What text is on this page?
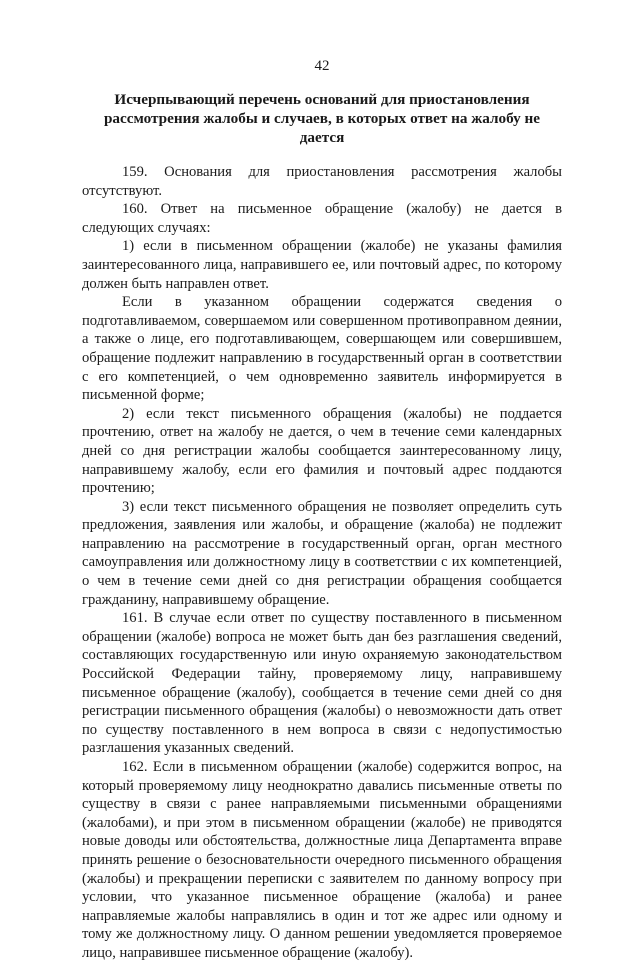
42
Исчерпывающий перечень оснований для приостановления рассмотрения жалобы и случаев, в которых ответ на жалобу не дается

159. Основания для приостановления рассмотрения жалобы отсутствуют.

160. Ответ на письменное обращение (жалобу) не дается в следующих случаях:

1) если в письменном обращении (жалобе) не указаны фамилия заинтересованного лица, направившего ее, или почтовый адрес, по которому должен быть направлен ответ.

Если в указанном обращении содержатся сведения о подготавливаемом, совершаемом или совершенном противоправном деянии, а также о лице, его подготавливающем, совершающем или совершившем, обращение подлежит направлению в государственный орган в соответствии с его компетенцией, о чем одновременно заявитель информируется в письменной форме;

2) если текст письменного обращения (жалобы) не поддается прочтению, ответ на жалобу не дается, о чем в течение семи календарных дней со дня регистрации жалобы сообщается заинтересованному лицу, направившему жалобу, если его фамилия и почтовый адрес поддаются прочтению;

3) если текст письменного обращения не позволяет определить суть предложения, заявления или жалобы, и обращение (жалоба) не подлежит направлению на рассмотрение в государственный орган, орган местного самоуправления или должностному лицу в соответствии с их компетенцией, о чем в течение семи дней со дня регистрации обращения сообщается гражданину, направившему обращение.

161. В случае если ответ по существу поставленного в письменном обращении (жалобе) вопроса не может быть дан без разглашения сведений, составляющих государственную или иную охраняемую законодательством Российской Федерации тайну, проверяемому лицу, направившему письменное обращение (жалобу), сообщается в течение семи дней со дня регистрации письменного обращения (жалобы) о невозможности дать ответ по существу поставленного в нем вопроса в связи с недопустимостью разглашения указанных сведений.

162. Если в письменном обращении (жалобе) содержится вопрос, на который проверяемому лицу неоднократно давались письменные ответы по существу в связи с ранее направляемыми письменными обращениями (жалобами), и при этом в письменном обращении (жалобе) не приводятся новые доводы или обстоятельства, должностные лица Департамента вправе принять решение о безосновательности очередного письменного обращения (жалобы) и прекращении переписки с заявителем по данному вопросу при условии, что указанное письменное обращение (жалоба) и ранее направляемые жалобы направлялись в один и тот же адрес или одному и тому же должностному лицу. О данном решении уведомляется проверяемое лицо, направившее письменное обращение (жалобу).
